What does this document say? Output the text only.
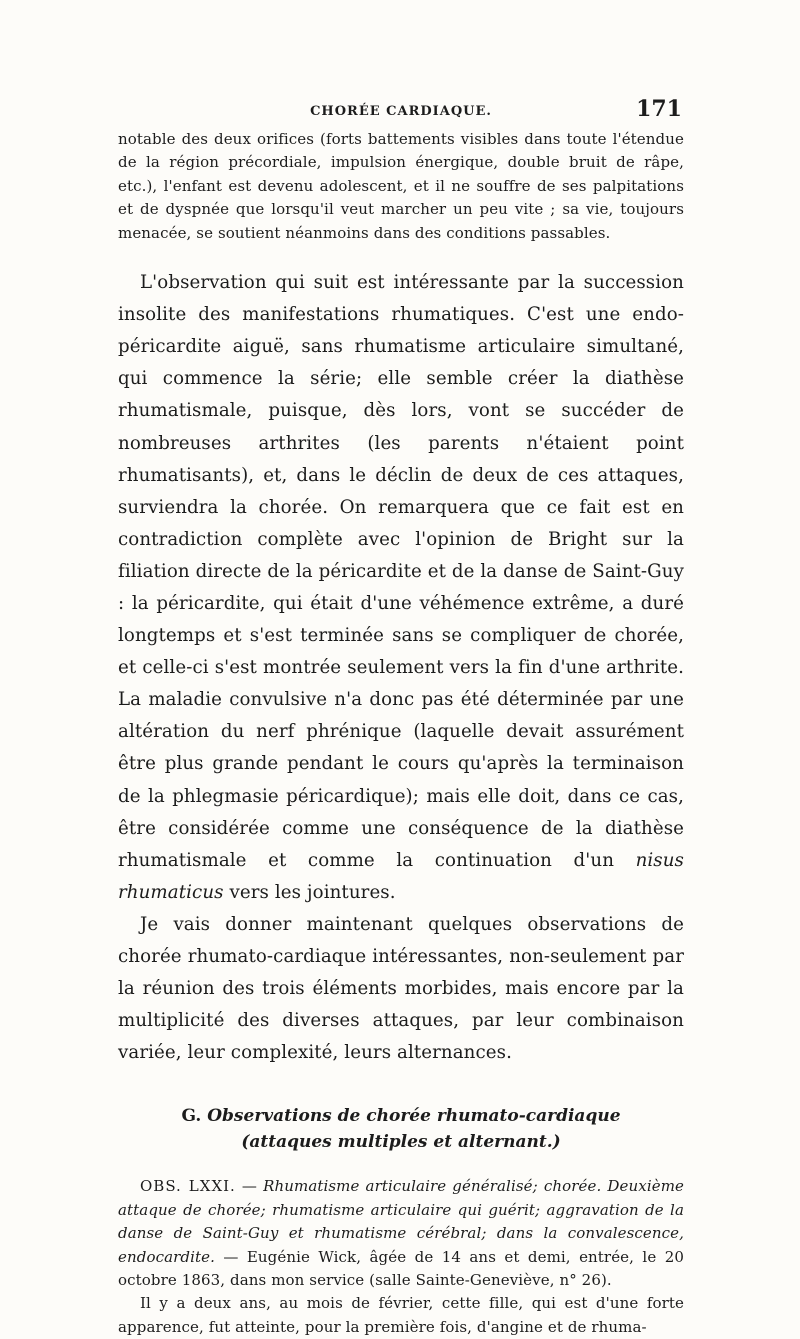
CHORÉE CARDIAQUE.	171

notable des deux orifices (forts battements visibles dans toute l'étendue de la région précordiale, impulsion énergique, double bruit de râpe, etc.), l'enfant est devenu adolescent, et il ne souffre de ses palpitations et de dyspnée que lorsqu'il veut marcher un peu vite ; sa vie, toujours menacée, se soutient néanmoins dans des conditions passables.

L'observation qui suit est intéressante par la succession insolite des manifestations rhumatiques. C'est une endo-péricardite aiguë, sans rhumatisme articulaire simultané, qui commence la série; elle semble créer la diathèse rhumatismale, puisque, dès lors, vont se succéder de nombreuses arthrites (les parents n'étaient point rhumatisants), et, dans le déclin de deux de ces attaques, surviendra la chorée. On remarquera que ce fait est en contradiction complète avec l'opinion de Bright sur la filiation directe de la péricardite et de la danse de Saint-Guy : la péricardite, qui était d'une véhémence extrême, a duré longtemps et s'est terminée sans se compliquer de chorée, et celle-ci s'est montrée seulement vers la fin d'une arthrite. La maladie convulsive n'a donc pas été déterminée par une altération du nerf phrénique (laquelle devait assurément être plus grande pendant le cours qu'après la terminaison de la phlegmasie péricardique); mais elle doit, dans ce cas, être considérée comme une conséquence de la diathèse rhumatismale et comme la continuation d'un nisus rhumaticus vers les jointures.

Je vais donner maintenant quelques observations de chorée rhumato-cardiaque intéressantes, non-seulement par la réunion des trois éléments morbides, mais encore par la multiplicité des diverses attaques, par leur combinaison variée, leur complexité, leurs alternances.

G. Observations de chorée rhumato-cardiaque (attaques multiples et alternant.)

OBS. LXXI. — Rhumatisme articulaire généralisé; chorée. Deuxième attaque de chorée; rhumatisme articulaire qui guérit; aggravation de la danse de Saint-Guy et rhumatisme cérébral; dans la convalescence, endocardite. — Eugénie Wick, âgée de 14 ans et demi, entrée, le 20 octobre 1863, dans mon service (salle Sainte-Geneviève, n° 26).

Il y a deux ans, au mois de février, cette fille, qui est d'une forte apparence, fut atteinte, pour la première fois, d'angine et de rhuma-
